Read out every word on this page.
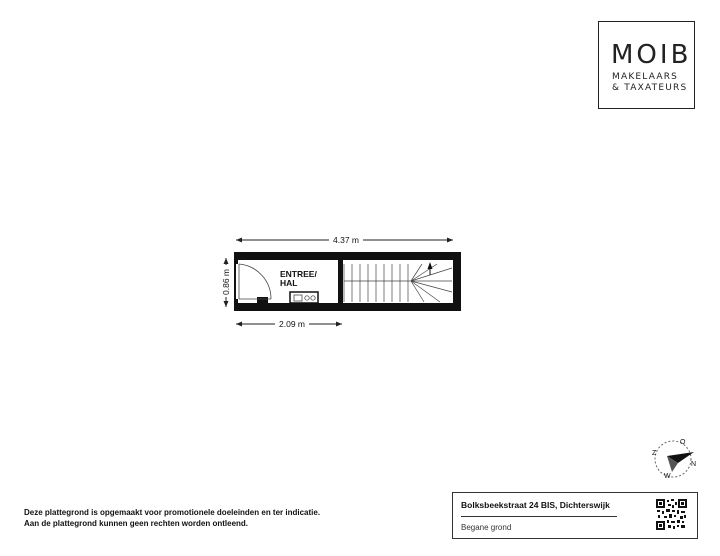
MOIB
MAKELAARS
& TAXATEURS
4.37 m
0.86 m
2.09 m
ENTREE/
HAL
O
N
Z
W
Deze plattegrond is opgemaakt voor promotionele doeleinden en ter indicatie.
Aan de plattegrond kunnen geen rechten worden ontleend.
Bolksbeekstraat 24 BIS, Dichterswijk
Begane grond
